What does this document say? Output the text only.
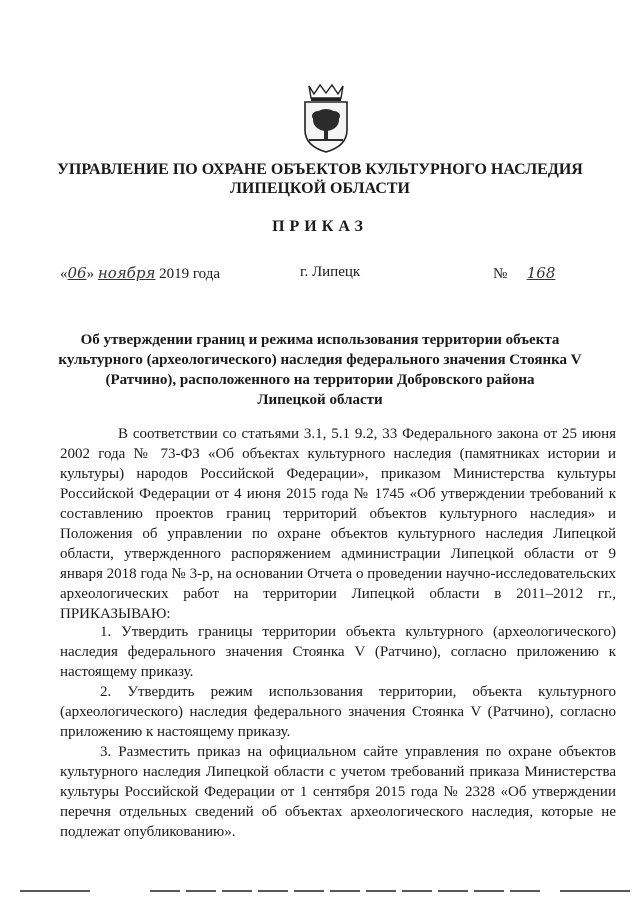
УПРАВЛЕНИЕ ПО ОХРАНЕ ОБЪЕКТОВ КУЛЬТУРНОГО НАСЛЕДИЯ
ЛИПЕЦКОЙ ОБЛАСТИ
ПРИКАЗ
«06» ноября 2019 года	г. Липецк	№ 168
Об утверждении границ и режима использования территории объекта
культурного (археологического) наследия федерального значения Стоянка V
(Ратчино), расположенного на территории Добровского района
Липецкой области

В соответствии со статьями 3.1, 5.1 9.2, 33 Федерального закона от 25 июня 2002 года № 73-ФЗ «Об объектах культурного наследия (памятниках истории и культуры) народов Российской Федерации», приказом Министерства культуры Российской Федерации от 4 июня 2015 года № 1745 «Об утверждении требований к составлению проектов границ территорий объектов культурного наследия» и Положения об управлении по охране объектов культурного наследия Липецкой области, утвержденного распоряжением администрации Липецкой области от 9 января 2018 года № 3-р, на основании Отчета о проведении научно-исследовательских археологических работ на территории Липецкой области в 2011–2012 гг., ПРИКАЗЫВАЮ:

1. Утвердить границы территории объекта культурного (археологического) наследия федерального значения Стоянка V (Ратчино), согласно приложению к настоящему приказу.

2. Утвердить режим использования территории, объекта культурного (археологического) наследия федерального значения Стоянка V (Ратчино), согласно приложению к настоящему приказу.

3. Разместить приказ на официальном сайте управления по охране объектов культурного наследия Липецкой области с учетом требований приказа Министерства культуры Российской Федерации от 1 сентября 2015 года № 2328 «Об утверждении перечня отдельных сведений об объектах археологического наследия, которые не подлежат опубликованию».
